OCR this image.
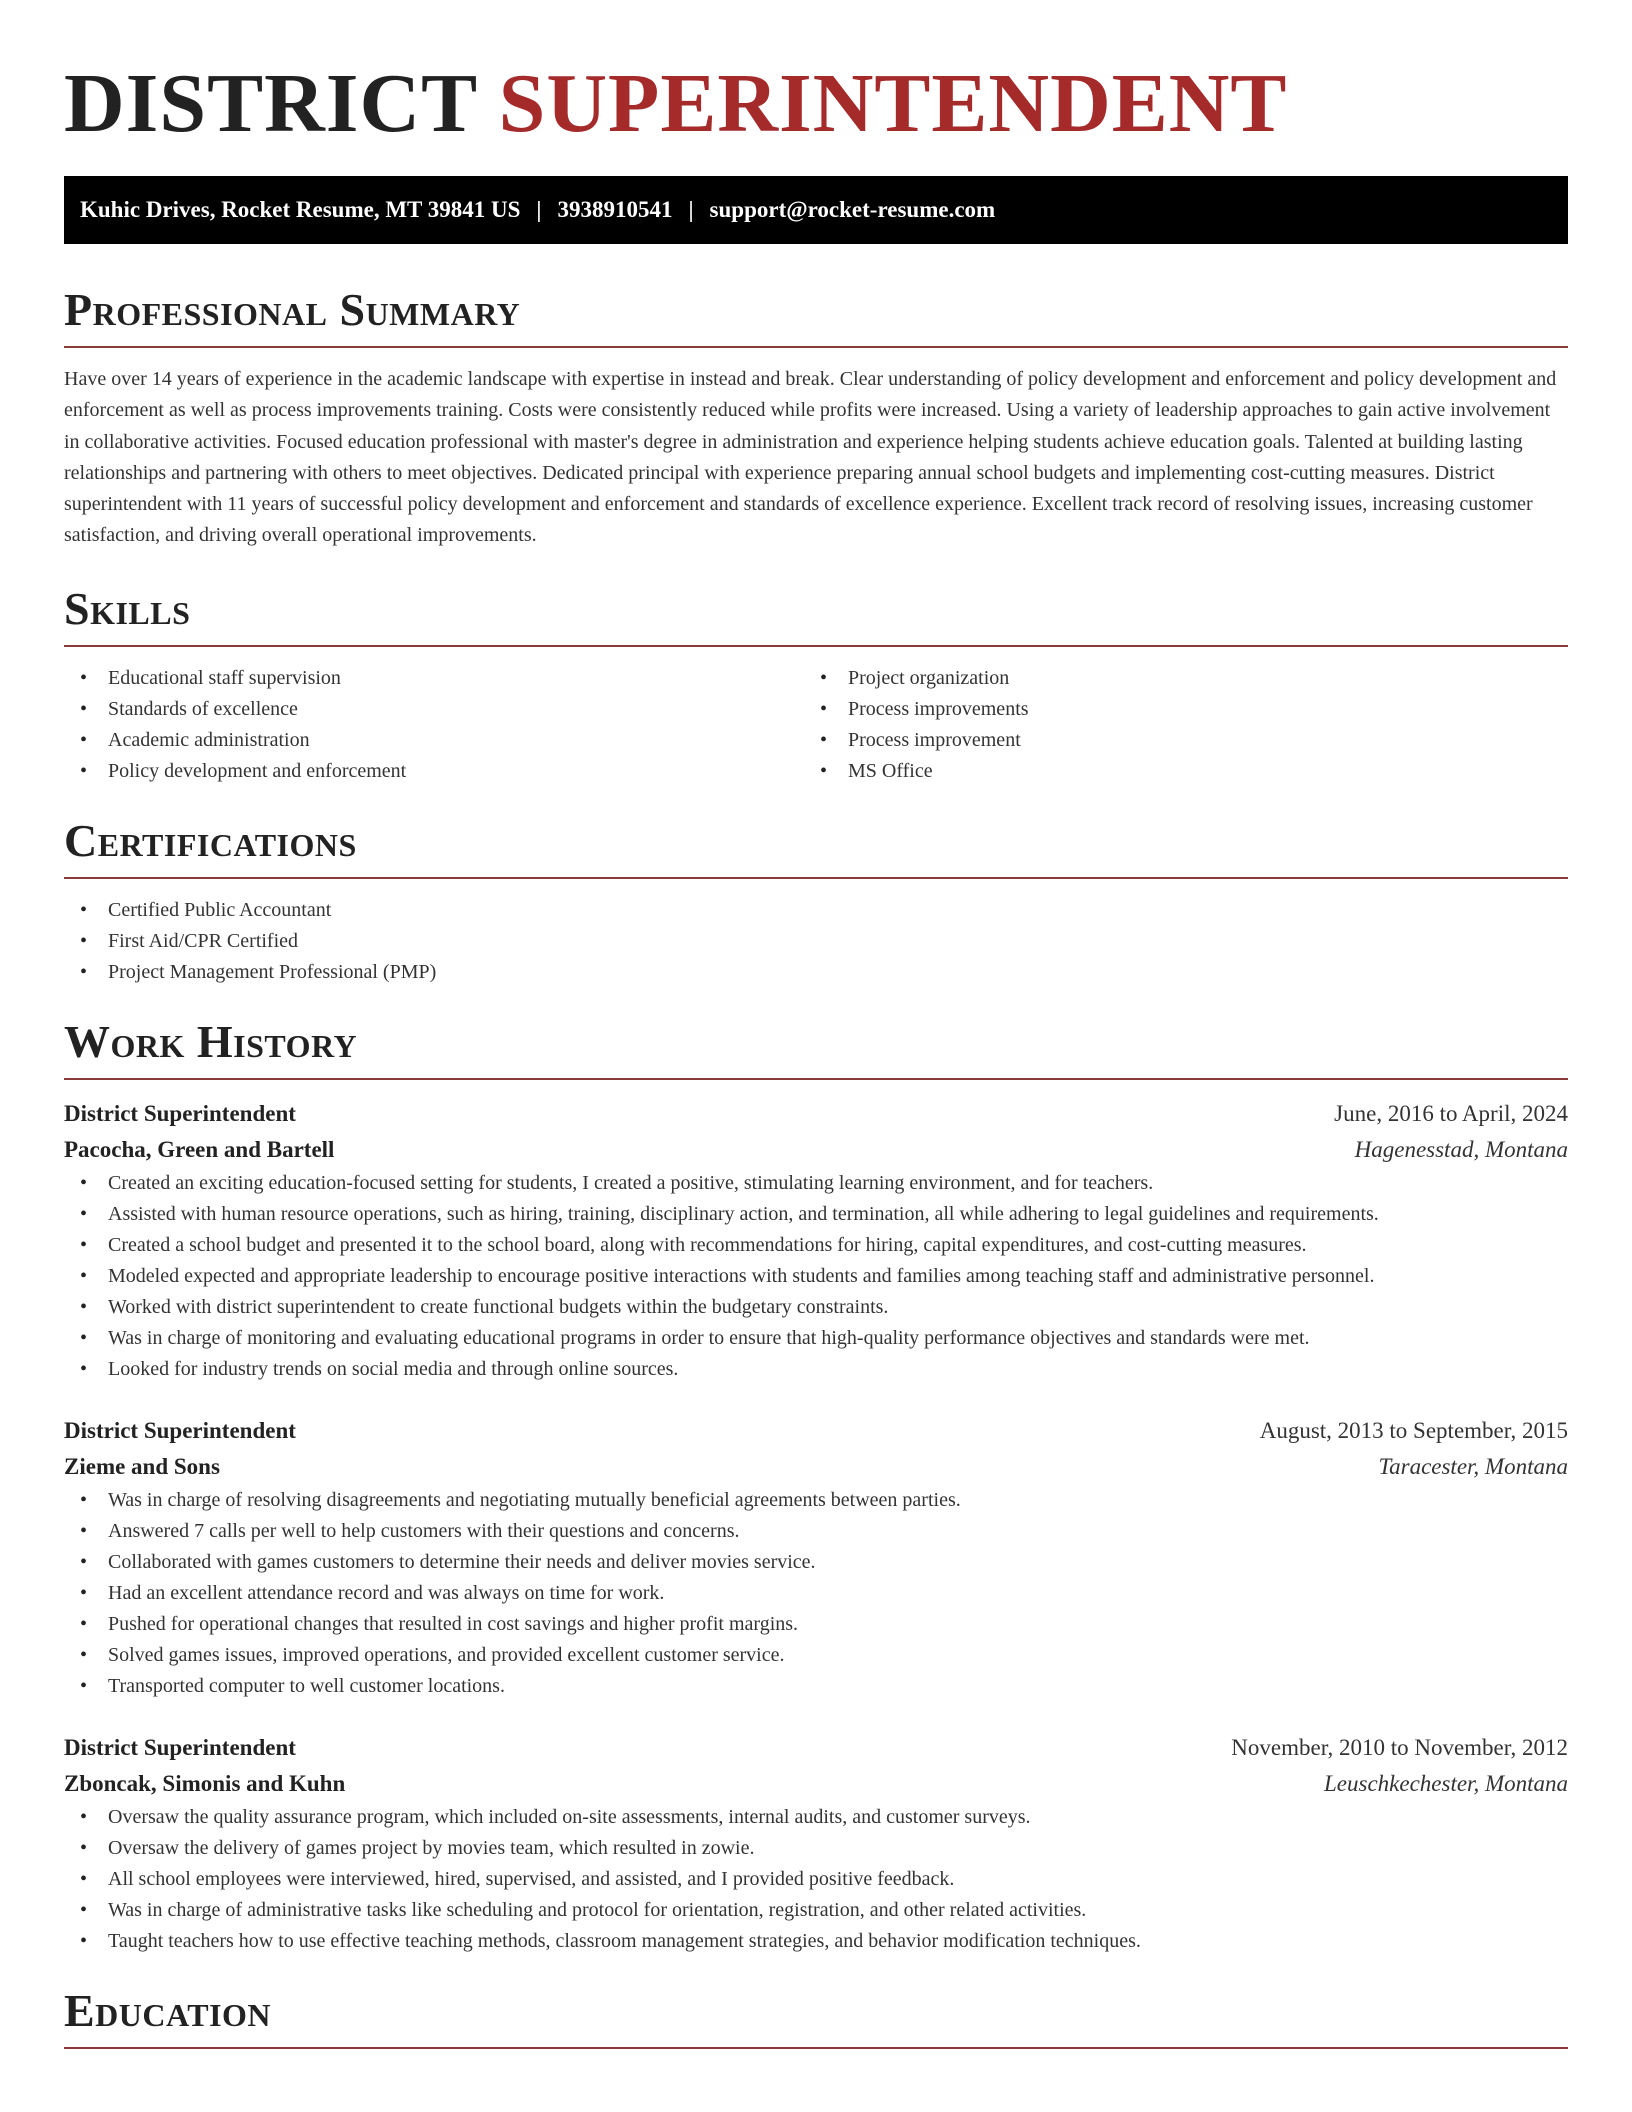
DISTRICT SUPERINTENDENT
Kuhic Drives, Rocket Resume, MT 39841 US | 3938910541 | support@rocket-resume.com
Professional Summary

Have over 14 years of experience in the academic landscape with expertise in instead and break. Clear understanding of policy development and enforcement and policy development and enforcement as well as process improvements training. Costs were consistently reduced while profits were increased. Using a variety of leadership approaches to gain active involvement in collaborative activities. Focused education professional with master's degree in administration and experience helping students achieve education goals. Talented at building lasting relationships and partnering with others to meet objectives. Dedicated principal with experience preparing annual school budgets and implementing cost-cutting measures. District superintendent with 11 years of successful policy development and enforcement and standards of excellence experience. Excellent track record of resolving issues, increasing customer satisfaction, and driving overall operational improvements.

Skills
• Educational staff supervision
• Standards of excellence
• Academic administration
• Policy development and enforcement
• Project organization
• Process improvements
• Process improvement
• MS Office
Certifications
• Certified Public Accountant
• First Aid/CPR Certified
• Project Management Professional (PMP)
Work History
District Superintendent	June, 2016 to April, 2024
Pacocha, Green and Bartell	Hagenesstad, Montana
• Created an exciting education-focused setting for students, I created a positive, stimulating learning environment, and for teachers.
• Assisted with human resource operations, such as hiring, training, disciplinary action, and termination, all while adhering to legal guidelines and requirements.
• Created a school budget and presented it to the school board, along with recommendations for hiring, capital expenditures, and cost-cutting measures.
• Modeled expected and appropriate leadership to encourage positive interactions with students and families among teaching staff and administrative personnel.
• Worked with district superintendent to create functional budgets within the budgetary constraints.
• Was in charge of monitoring and evaluating educational programs in order to ensure that high-quality performance objectives and standards were met.
• Looked for industry trends on social media and through online sources.
District Superintendent	August, 2013 to September, 2015
Zieme and Sons	Taracester, Montana
• Was in charge of resolving disagreements and negotiating mutually beneficial agreements between parties.
• Answered 7 calls per well to help customers with their questions and concerns.
• Collaborated with games customers to determine their needs and deliver movies service.
• Had an excellent attendance record and was always on time for work.
• Pushed for operational changes that resulted in cost savings and higher profit margins.
• Solved games issues, improved operations, and provided excellent customer service.
• Transported computer to well customer locations.
District Superintendent	November, 2010 to November, 2012
Zboncak, Simonis and Kuhn	Leuschkechester, Montana
• Oversaw the quality assurance program, which included on-site assessments, internal audits, and customer surveys.
• Oversaw the delivery of games project by movies team, which resulted in zowie.
• All school employees were interviewed, hired, supervised, and assisted, and I provided positive feedback.
• Was in charge of administrative tasks like scheduling and protocol for orientation, registration, and other related activities.
• Taught teachers how to use effective teaching methods, classroom management strategies, and behavior modification techniques.
Education
